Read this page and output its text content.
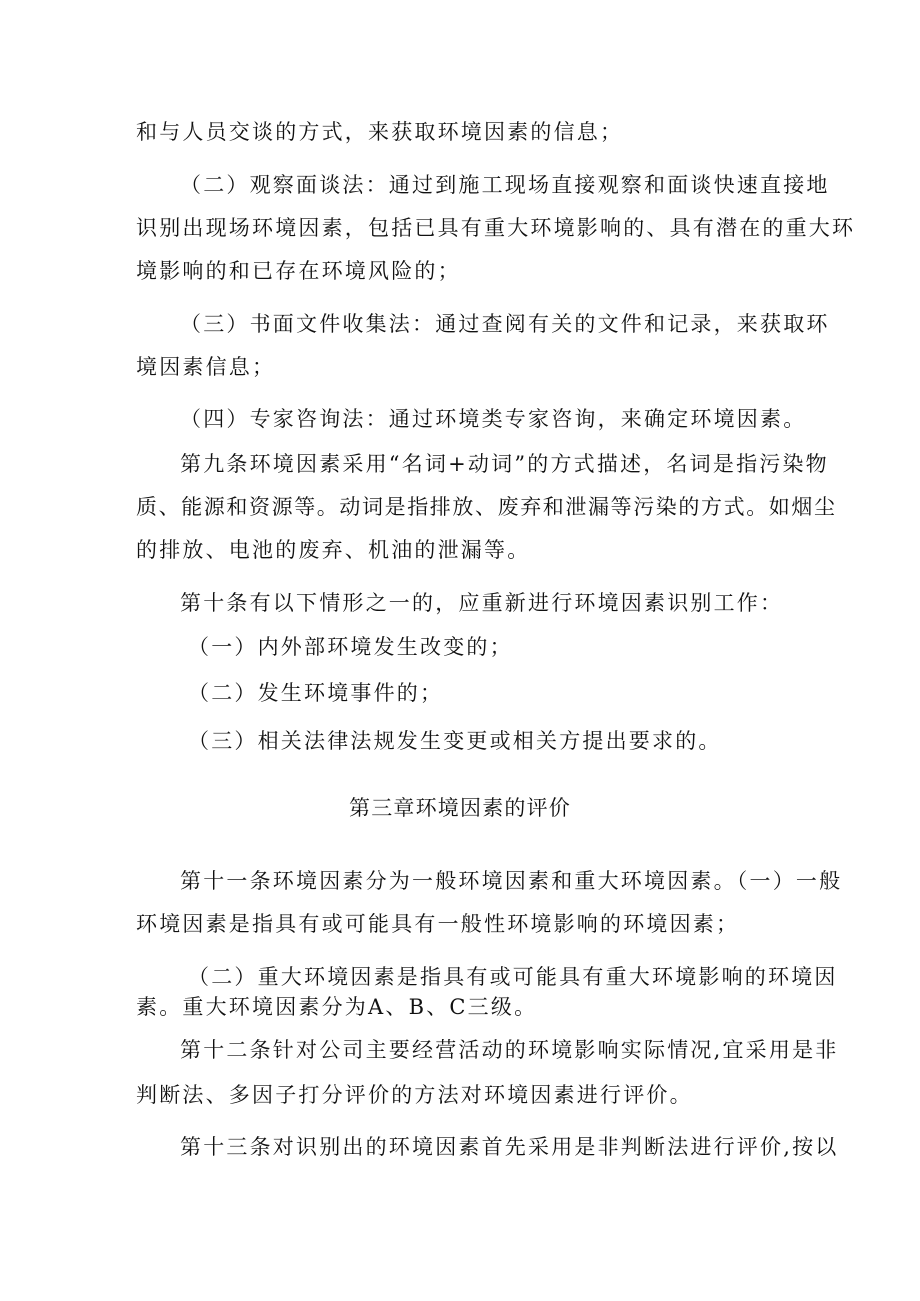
和与人员交谈的方式，来获取环境因素的信息；
（二）观察面谈法：通过到施工现场直接观察和面谈快速直接地
识别出现场环境因素，包括已具有重大环境影响的、具有潜在的重大环
境影响的和已存在环境风险的；
（三）书面文件收集法：通过查阅有关的文件和记录，来获取环
境因素信息；
（四）专家咨询法：通过环境类专家咨询，来确定环境因素。
第九条环境因素采用“名词+动词”的方式描述，名词是指污染物
质、能源和资源等。动词是指排放、废弃和泄漏等污染的方式。如烟尘
的排放、电池的废弃、机油的泄漏等。
第十条有以下情形之一的，应重新进行环境因素识别工作：
（一）内外部环境发生改变的；
（二）发生环境事件的；
（三）相关法律法规发生变更或相关方提出要求的。
第三章环境因素的评价
第十一条环境因素分为一般环境因素和重大环境因素。（一）一般
环境因素是指具有或可能具有一般性环境影响的环境因素；
（二）重大环境因素是指具有或可能具有重大环境影响的环境因
素。重大环境因素分为A、B、C三级。
第十二条针对公司主要经营活动的环境影响实际情况,宜采用是非
判断法、多因子打分评价的方法对环境因素进行评价。
第十三条对识别出的环境因素首先采用是非判断法进行评价,按以
